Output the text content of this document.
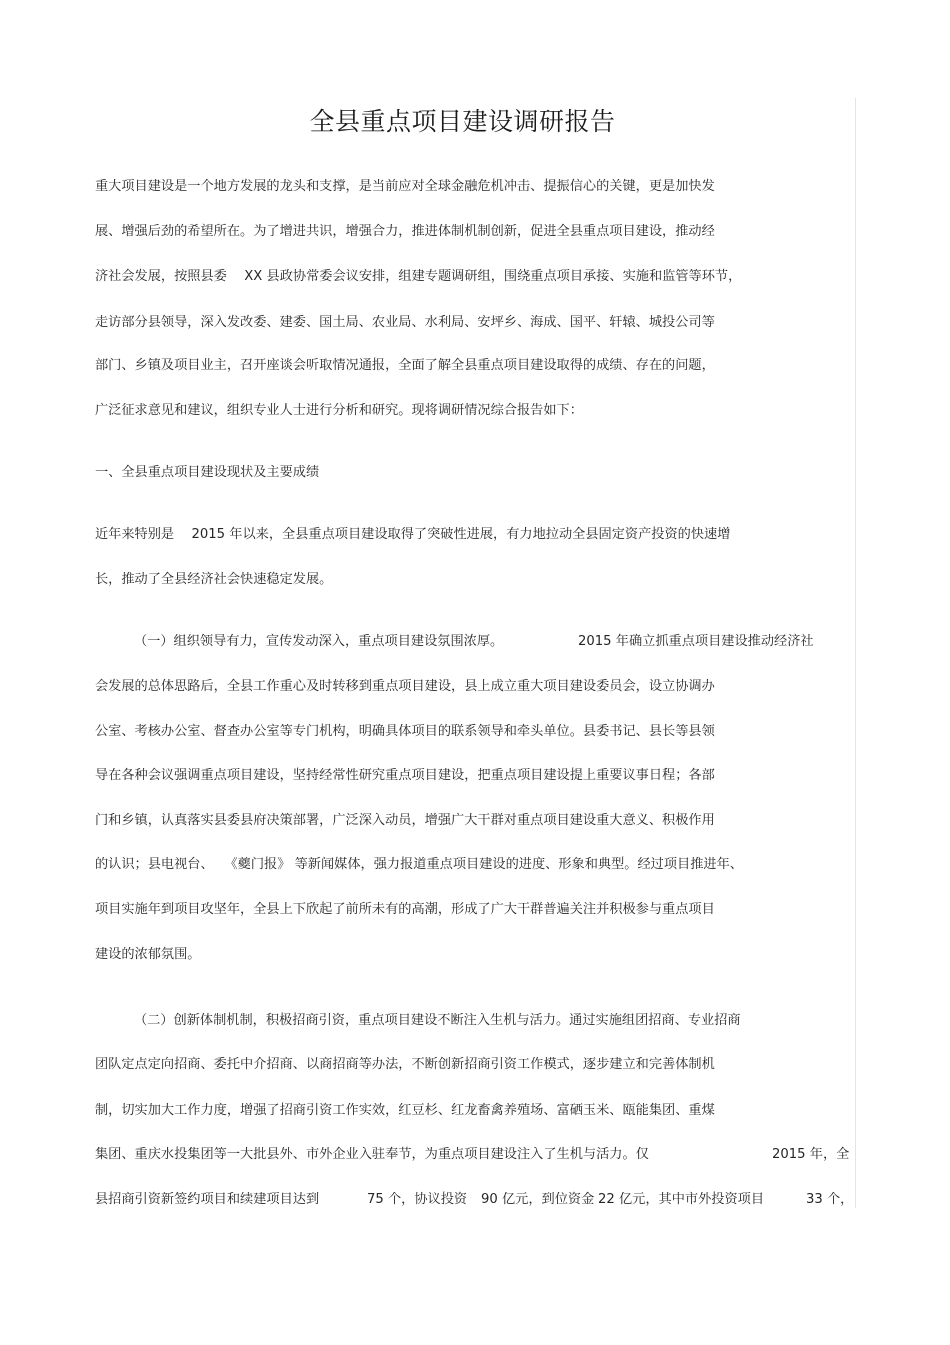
全县重点项目建设调研报告
重大项目建设是一个地方发展的龙头和支撑，是当前应对全球金融危机冲击、提振信心的关键，更是加快发
展、增强后劲的希望所在。为了增进共识，增强合力，推进体制机制创新，促进全县重点项目建设，推动经
济社会发展，按照县委　 XX 县政协常委会议安排，组建专题调研组，围绕重点项目承接、实施和监管等环节，
走访部分县领导，深入发改委、建委、国土局、农业局、水利局、安坪乡、海成、国平、轩辕、城投公司等
部门、乡镇及项目业主，召开座谈会听取情况通报，全面了解全县重点项目建设取得的成绩、存在的问题，
广泛征求意见和建议，组织专业人士进行分析和研究。现将调研情况综合报告如下：
一、全县重点项目建设现状及主要成绩
近年来特别是　 2015 年以来，全县重点项目建设取得了突破性进展，有力地拉动全县固定资产投资的快速增
长，推动了全县经济社会快速稳定发展。
（一）组织领导有力，宣传发动深入，重点项目建设氛围浓厚。	2015 年确立抓重点项目建设推动经济社
会发展的总体思路后，全县工作重心及时转移到重点项目建设，县上成立重大项目建设委员会，设立协调办
公室、考核办公室、督查办公室等专门机构，明确具体项目的联系领导和牵头单位。县委书记、县长等县领
导在各种会议强调重点项目建设，坚持经常性研究重点项目建设，把重点项目建设提上重要议事日程；各部
门和乡镇，认真落实县委县府决策部署，广泛深入动员，增强广大干群对重点项目建设重大意义、积极作用
的认识；县电视台、　 《夔门报》 等新闻媒体，强力报道重点项目建设的进度、形象和典型。经过项目推进年、
项目实施年到项目攻坚年，全县上下欣起了前所未有的高潮，形成了广大干群普遍关注并积极参与重点项目
建设的浓郁氛围。
（二）创新体制机制，积极招商引资，重点项目建设不断注入生机与活力。通过实施组团招商、专业招商
团队定点定向招商、委托中介招商、以商招商等办法，不断创新招商引资工作模式，逐步建立和完善体制机
制，切实加大工作力度，增强了招商引资工作实效，红豆杉、红龙畜禽养殖场、富硒玉米、瓯能集团、重煤
集团、重庆水投集团等一大批县外、市外企业入驻奉节，为重点项目建设注入了生机与活力。仅	2015 年，全
县招商引资新签约项目和续建项目达到	75 个，协议投资 90 亿元，到位资金 22 亿元，其中市外投资项目	33 个，
